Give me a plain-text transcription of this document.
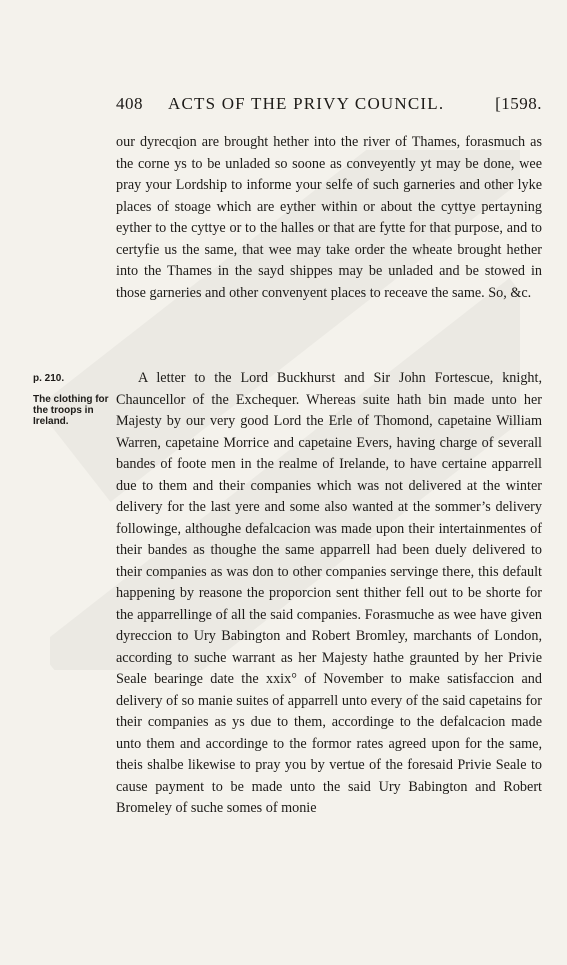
408 ACTS OF THE PRIVY COUNCIL.	[1598.

our dyrecɋion are brought hether into the river of Thames, forasmuch as the corne ys to be unladed so soone as conveyently yt may be done, wee pray your Lordship to informe your selfe of such garneries and other lyke places of stoage which are eyther within or about the cyttye pertayning eyther to the cyttye or to the halles or that are fytte for that purpose, and to certyfie us the same, that wee may take order the wheate brought hether into the Thames in the sayd shippes may be unladed and be stowed in those garneries and other convenyent places to receave the same. So, &c.

p. 210.
The clothing for the troops in Ireland.

A letter to the Lord Buckhurst and Sir John Fortescue, knight, Chauncellor of the Exchequer. Whereas suite hath bin made unto her Majesty by our very good Lord the Erle of Thomond, capetaine William Warren, capetaine Morrice and capetaine Evers, having charge of severall bandes of foote men in the realme of Irelande, to have certaine apparrell due to them and their companies which was not delivered at the winter delivery for the last yere and some also wanted at the sommer’s delivery followinge, althoughe defalcacion was made upon their intertainmentes of their bandes as thoughe the same apparrell had been duely delivered to their companies as was don to other companies servinge there, this default happening by reasone the proporcion sent thither fell out to be shorte for the apparrellinge of all the said companies. Forasmuche as wee have given dyreccion to Ury Babington and Robert Bromley, marchants of London, according to suche warrant as her Majesty hathe graunted by her Privie Seale bearinge date the xxix° of November to make satisfaccion and delivery of so manie suites of apparrell unto every of the said capetains for their companies as ys due to them, accordinge to the defalcacion made unto them and accordinge to the formor rates agreed upon for the same, theis shalbe likewise to pray you by vertue of the foresaid Privie Seale to cause payment to be made unto the said Ury Babington and Robert Bromeley of suche somes of monie
